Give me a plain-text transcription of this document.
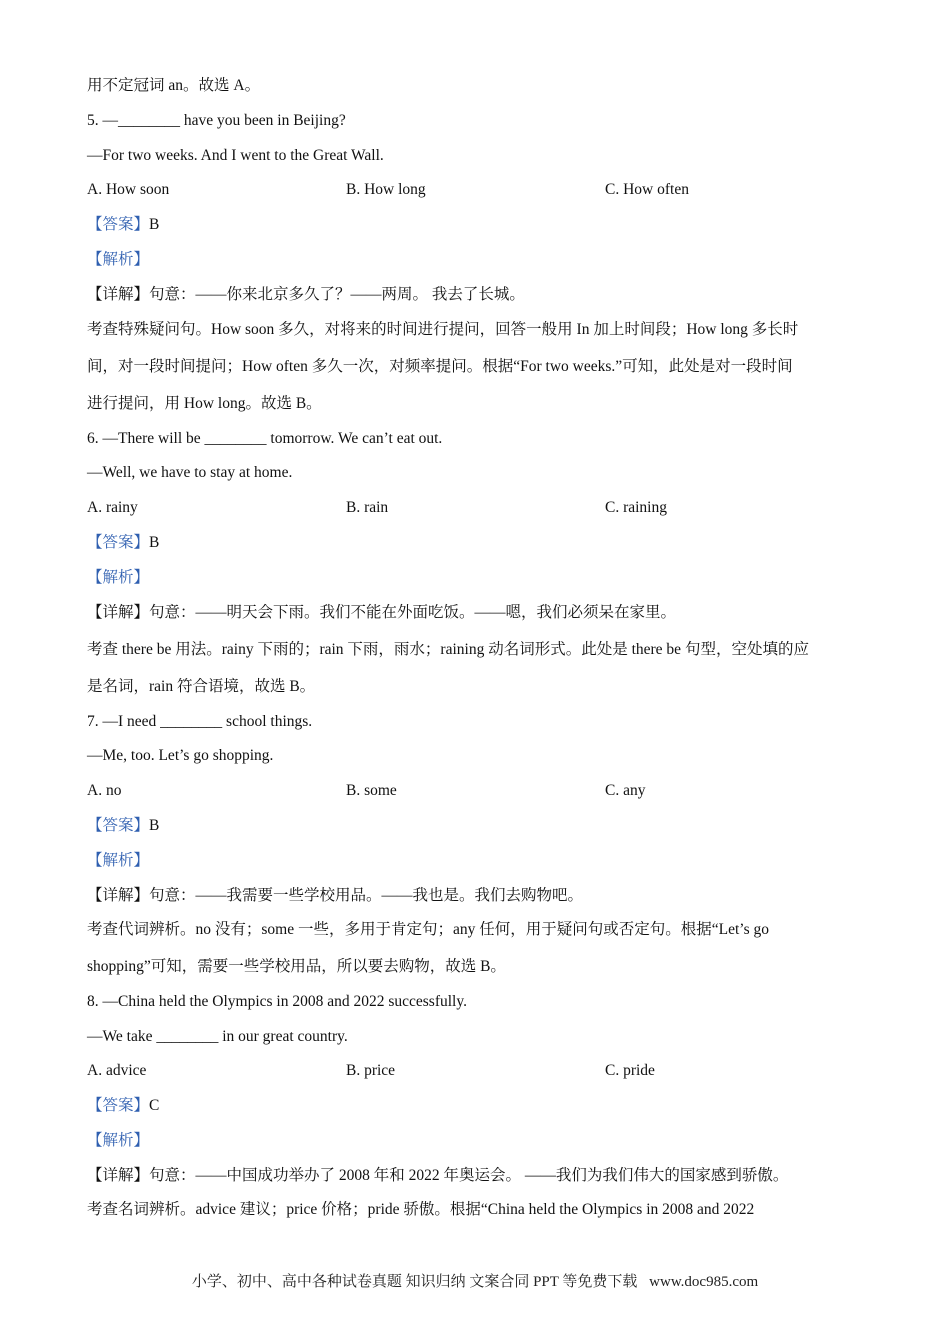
用不定冠词 an。故选 A。
5. —________ have you been in Beijing?
—For two weeks. And I went to the Great Wall.
A. How soon	B. How long	C. How often
【答案】B
【解析】
【详解】句意：——你来北京多久了？——两周。 我去了长城。
考查特殊疑问句。How soon 多久，对将来的时间进行提问，回答一般用 In 加上时间段；How long 多长时
间，对一段时间提问；How often 多久一次，对频率提问。根据“For two weeks.”可知，此处是对一段时间
进行提问，用 How long。故选 B。
6. —There will be ________ tomorrow. We can’t eat out.
—Well, we have to stay at home.
A. rainy	B. rain	C. raining
【答案】B
【解析】
【详解】句意：——明天会下雨。我们不能在外面吃饭。——嗯，我们必须呆在家里。
考查 there be 用法。rainy 下雨的；rain 下雨，雨水；raining 动名词形式。此处是 there be 句型，空处填的应
是名词，rain 符合语境，故选 B。
7. —I need ________ school things.
—Me, too. Let’s go shopping.
A. no	B. some	C. any
【答案】B
【解析】
【详解】句意：——我需要一些学校用品。——我也是。我们去购物吧。
考查代词辨析。no 没有；some 一些，多用于肯定句；any 任何，用于疑问句或否定句。根据“Let’s go
shopping”可知，需要一些学校用品，所以要去购物，故选 B。
8. —China held the Olympics in 2008 and 2022 successfully.
—We take ________ in our great country.
A. advice	B. price	C. pride
【答案】C
【解析】
【详解】句意：——中国成功举办了 2008 年和 2022 年奥运会。 ——我们为我们伟大的国家感到骄傲。
考查名词辨析。advice 建议；price 价格；pride 骄傲。根据“China held the Olympics in 2008 and 2022
小学、初中、高中各种试卷真题 知识归纳 文案合同 PPT 等免费下载 www.doc985.com
